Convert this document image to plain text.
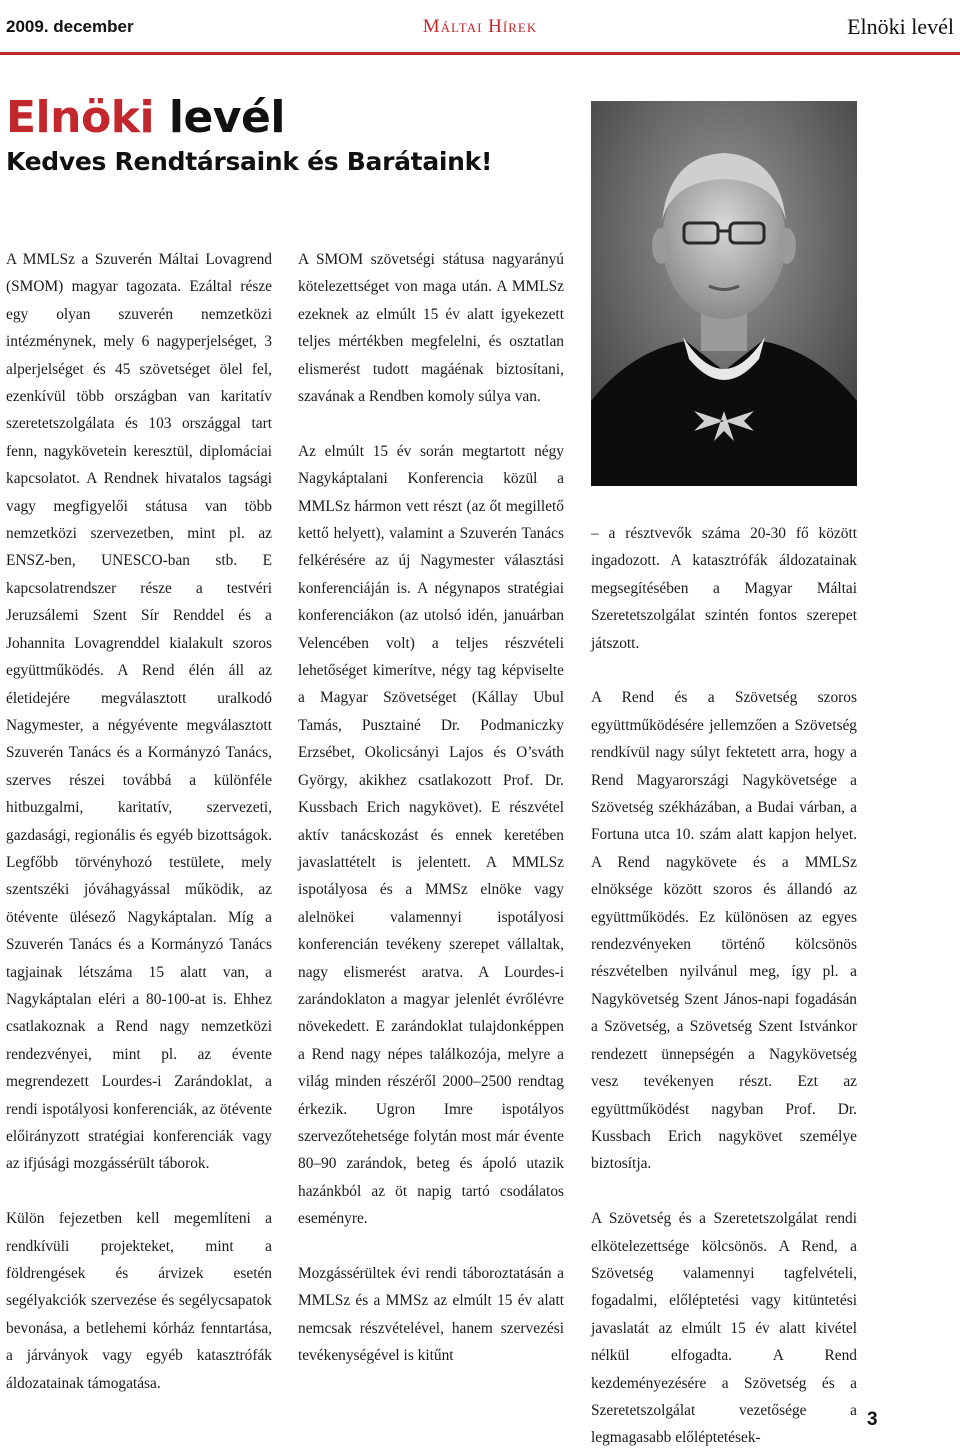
2009. december	Máltai Hírek	Elnöki levél
Elnöki levél
Kedves Rendtársaink és Barátaink!

A MMLSz a Szuverén Máltai Lovagrend (SMOM) magyar tagozata. Ezáltal része egy olyan szuverén nemzetközi intézménynek, mely 6 nagyperjelséget, 3 alperjelséget és 45 szövetséget ölel fel, ezenkívül több országban van karitatív szeretetszolgálata és 103 országgal tart fenn, nagykövetein keresztül, diplomáciai kapcsolatot. A Rendnek hivatalos tagsági vagy megfigyelői státusa van több nemzetközi szervezetben, mint pl. az ENSZ-ben, UNESCO-ban stb. E kapcsolatrendszer része a testvéri Jeruzsálemi Szent Sír Renddel és a Johannita Lovagrenddel kialakult szoros együttműködés. A Rend élén áll az életidejére megválasztott uralkodó Nagymester, a négyévente megválasztott Szuverén Tanács és a Kormányzó Tanács, szerves részei továbbá a különféle hitbuzgalmi, karitatív, szervezeti, gazdasági, regionális és egyéb bizottságok. Legfőbb törvényhozó testülete, mely szentszéki jóváhagyással működik, az ötévente ülésező Nagykáptalan. Míg a Szuverén Tanács és a Kormányzó Tanács tagjainak létszáma 15 alatt van, a Nagykáptalan eléri a 80-100-at is. Ehhez csatlakoznak a Rend nagy nemzetközi rendezvényei, mint pl. az évente megrendezett Lourdes-i Zarándoklat, a rendi ispotályosi konferenciák, az ötévente előirányzott stratégiai konferenciák vagy az ifjúsági mozgássérült táborok.

Külön fejezetben kell megemlíteni a rendkívüli projekteket, mint a földrengések és árvizek esetén segélyakciók szervezése és segélycsapatok bevonása, a betlehemi kórház fenntartása, a járványok vagy egyéb katasztrófák áldozatainak támogatása.

A SMOM szövetségi státusa nagyarányú kötelezettséget von maga után. A MMLSz ezeknek az elmúlt 15 év alatt igyekezett teljes mértékben megfelelni, és osztatlan elismerést tudott magáénak biztosítani, szavának a Rendben komoly súlya van.

Az elmúlt 15 év során megtartott négy Nagykáptalani Konferencia közül a MMLSz hármon vett részt (az őt megillető kettő helyett), valamint a Szuverén Tanács felkérésére az új Nagymester választási konferenciáján is. A négynapos stratégiai konferenciákon (az utolsó idén, januárban Velencében volt) a teljes részvételi lehetőséget kimerítve, négy tag képviselte a Magyar Szövetséget (Kállay Ubul Tamás, Pusztainé Dr. Podmaniczky Erzsébet, Okolicsányi Lajos és O’sváth György, akikhez csatlakozott Prof. Dr. Kussbach Erich nagykövet). E részvétel aktív tanácskozást és ennek keretében javaslattételt is jelentett. A MMLSz ispotályosa és a MMSz elnöke vagy alelnökei valamennyi ispotályosi konferencián tevékeny szerepet vállaltak, nagy elismerést aratva. A Lourdes-i zarándoklaton a magyar jelenlét évrőlévre növekedett. E zarándoklat tulajdonképpen a Rend nagy népes találkozója, melyre a világ minden részéről 2000–2500 rendtag érkezik. Ugron Imre ispotályos szervezőtehetsége folytán most már évente 80–90 zarándok, beteg és ápoló utazik hazánkból az öt napig tartó csodálatos eseményre.

Mozgássérültek évi rendi táboroztatásán a MMLSz és a MMSz az elmúlt 15 év alatt nemcsak részvételével, hanem szervezési tevékenységével is kitűnt

– a résztvevők száma 20-30 fő között ingadozott. A katasztrófák áldozatainak megsegítésében a Magyar Máltai Szeretetszolgálat szintén fontos szerepet játszott.

A Rend és a Szövetség szoros együttműködésére jellemzően a Szövetség rendkívül nagy súlyt fektetett arra, hogy a Rend Magyarországi Nagykövetsége a Szövetség székházában, a Budai várban, a Fortuna utca 10. szám alatt kapjon helyet. A Rend nagykövete és a MMLSz elnöksége között szoros és állandó az együttműködés. Ez különösen az egyes rendezvényeken történő kölcsönös részvételben nyilvánul meg, így pl. a Nagykövetség Szent János-napi fogadásán a Szövetség, a Szövetség Szent Istvánkor rendezett ünnepségén a Nagykövetség vesz tevékenyen részt. Ezt az együttműködést nagyban Prof. Dr. Kussbach Erich nagykövet személye biztosítja.

A Szövetség és a Szeretetszolgálat rendi elkötelezettsége kölcsönös. A Rend, a Szövetség valamennyi tagfelvételi, fogadalmi, előléptetési vagy kitüntetési javaslatát az elmúlt 15 év alatt kivétel nélkül elfogadta. A Rend kezdeményezésére a Szövetség és a Szeretetszolgálat vezetősége a legmagasabb előléptetések-

3
